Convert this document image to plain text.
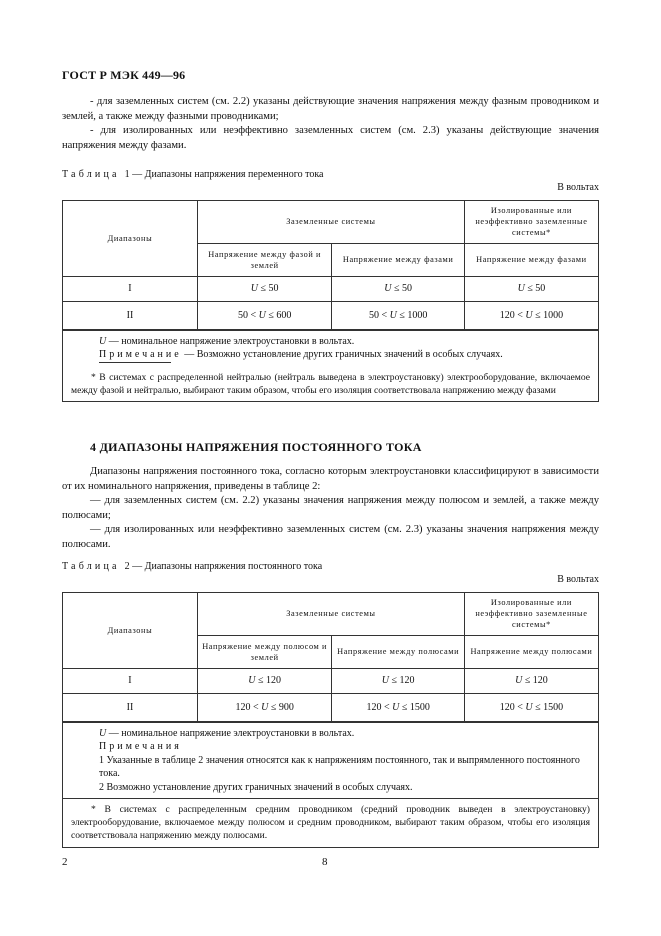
ГОСТ Р МЭК 449—96

- для заземленных систем (см. 2.2) указаны действующие значения напряжения между фазным проводником и землей, а также между фазными проводниками;

- для изолированных или неэффективно заземленных систем (см. 2.3) указаны действующие значения напряжения между фазами.

Таблица 1 — Диапазоны напряжения переменного тока
В вольтах
Диапазоны	Заземленные системы		Изолированные или неэффективно заземленные системы*
	Напряжение между фазой и землей	Напряжение между фазами	Напряжение между фазами
I	U ≤ 50	U ≤ 50	U ≤ 50
II	50 < U ≤ 600	50 < U ≤ 1000	120 < U ≤ 1000
U — номинальное напряжение электроустановки в вольтах.
Примечание — Возможно установление других граничных значений в особых случаях.

* В системах с распределенной нейтралью (нейтраль выведена в электроустановку) электрооборудование, включаемое между фазой и нейтралью, выбирают таким образом, чтобы его изоляция соответствовала напряжению между фазами

4 ДИАПАЗОНЫ НАПРЯЖЕНИЯ ПОСТОЯННОГО ТОКА

Диапазоны напряжения постоянного тока, согласно которым электроустановки классифицируют в зависимости от их номинального напряжения, приведены в таблице 2:

— для заземленных систем (см. 2.2) указаны значения напряжения между полюсом и землей, а также между полюсами;

— для изолированных или неэффективно заземленных систем (см. 2.3) указаны значения напряжения между полюсами.

Таблица 2 — Диапазоны напряжения постоянного тока
В вольтах
Диапазоны	Заземленные системы		Изолированные или неэффективно заземленные системы*
	Напряжение между полюсом и землей	Напряжение между полюсами	Напряжение между полюсами
I	U ≤ 120	U ≤ 120	U ≤ 120
II	120 < U ≤ 900	120 < U ≤ 1500	120 < U ≤ 1500
U — номинальное напряжение электроустановки в вольтах.
Примечания
1 Указанные в таблице 2 значения относятся как к напряжениям постоянного, так и выпрямленного постоянного тока.
2 Возможно установление других граничных значений в особых случаях.

* В системах с распределенным средним проводником (средний проводник выведен в электроустановку) электрооборудование, включаемое между полюсом и средним проводником, выбирают таким образом, чтобы его изоляция соответствовала напряжению между полюсами.

2	8
